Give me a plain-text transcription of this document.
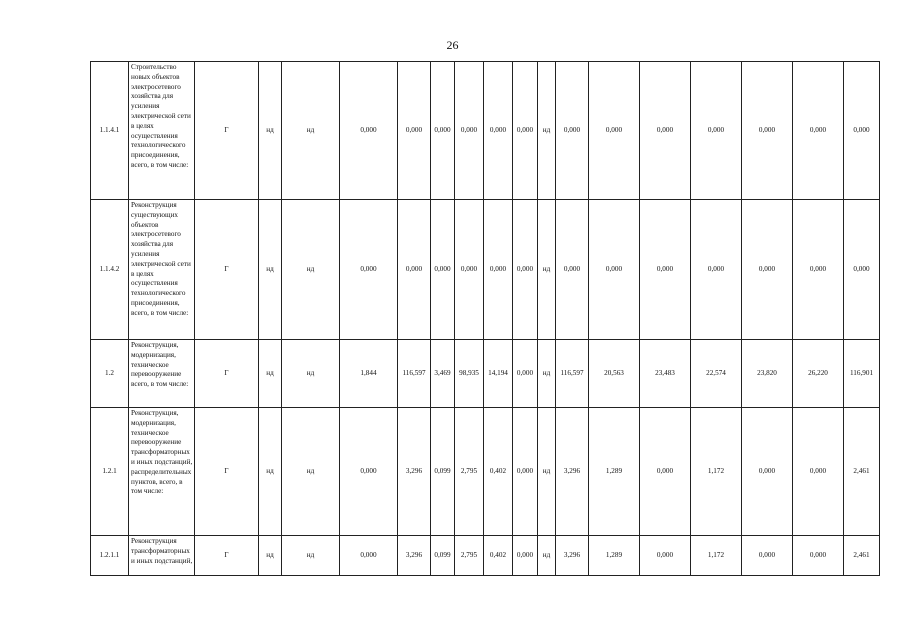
26
1.1.4.1	Строительство новых объектов электросетевого хозяйства для усиления электрической сети в целях осуществления технологического присоединения, всего, в том числе:	Г	нд	нд	0,000	0,000	0,000	0,000	0,000	0,000	нд	0,000	0,000	0,000	0,000	0,000	0,000	0,000
1.1.4.2	Реконструкция существующих объектов электросетевого хозяйства для усиления электрической сети в целях осуществления технологического присоединения, всего, в том числе:	Г	нд	нд	0,000	0,000	0,000	0,000	0,000	0,000	нд	0,000	0,000	0,000	0,000	0,000	0,000	0,000
1.2	Реконструкция, модернизация, техническое перевооружение всего, в том числе:	Г	нд	нд	1,844	116,597	3,469	98,935	14,194	0,000	нд	116,597	20,563	23,483	22,574	23,820	26,220	116,901
1.2.1	Реконструкция, модернизация, техническое перевооружение трансформаторных и иных подстанций, распределительных пунктов, всего, в том числе:	Г	нд	нд	0,000	3,296	0,099	2,795	0,402	0,000	нд	3,296	1,289	0,000	1,172	0,000	0,000	2,461
1.2.1.1	Реконструкция трансформаторных и иных подстанций,	Г	нд	нд	0,000	3,296	0,099	2,795	0,402	0,000	нд	3,296	1,289	0,000	1,172	0,000	0,000	2,461
